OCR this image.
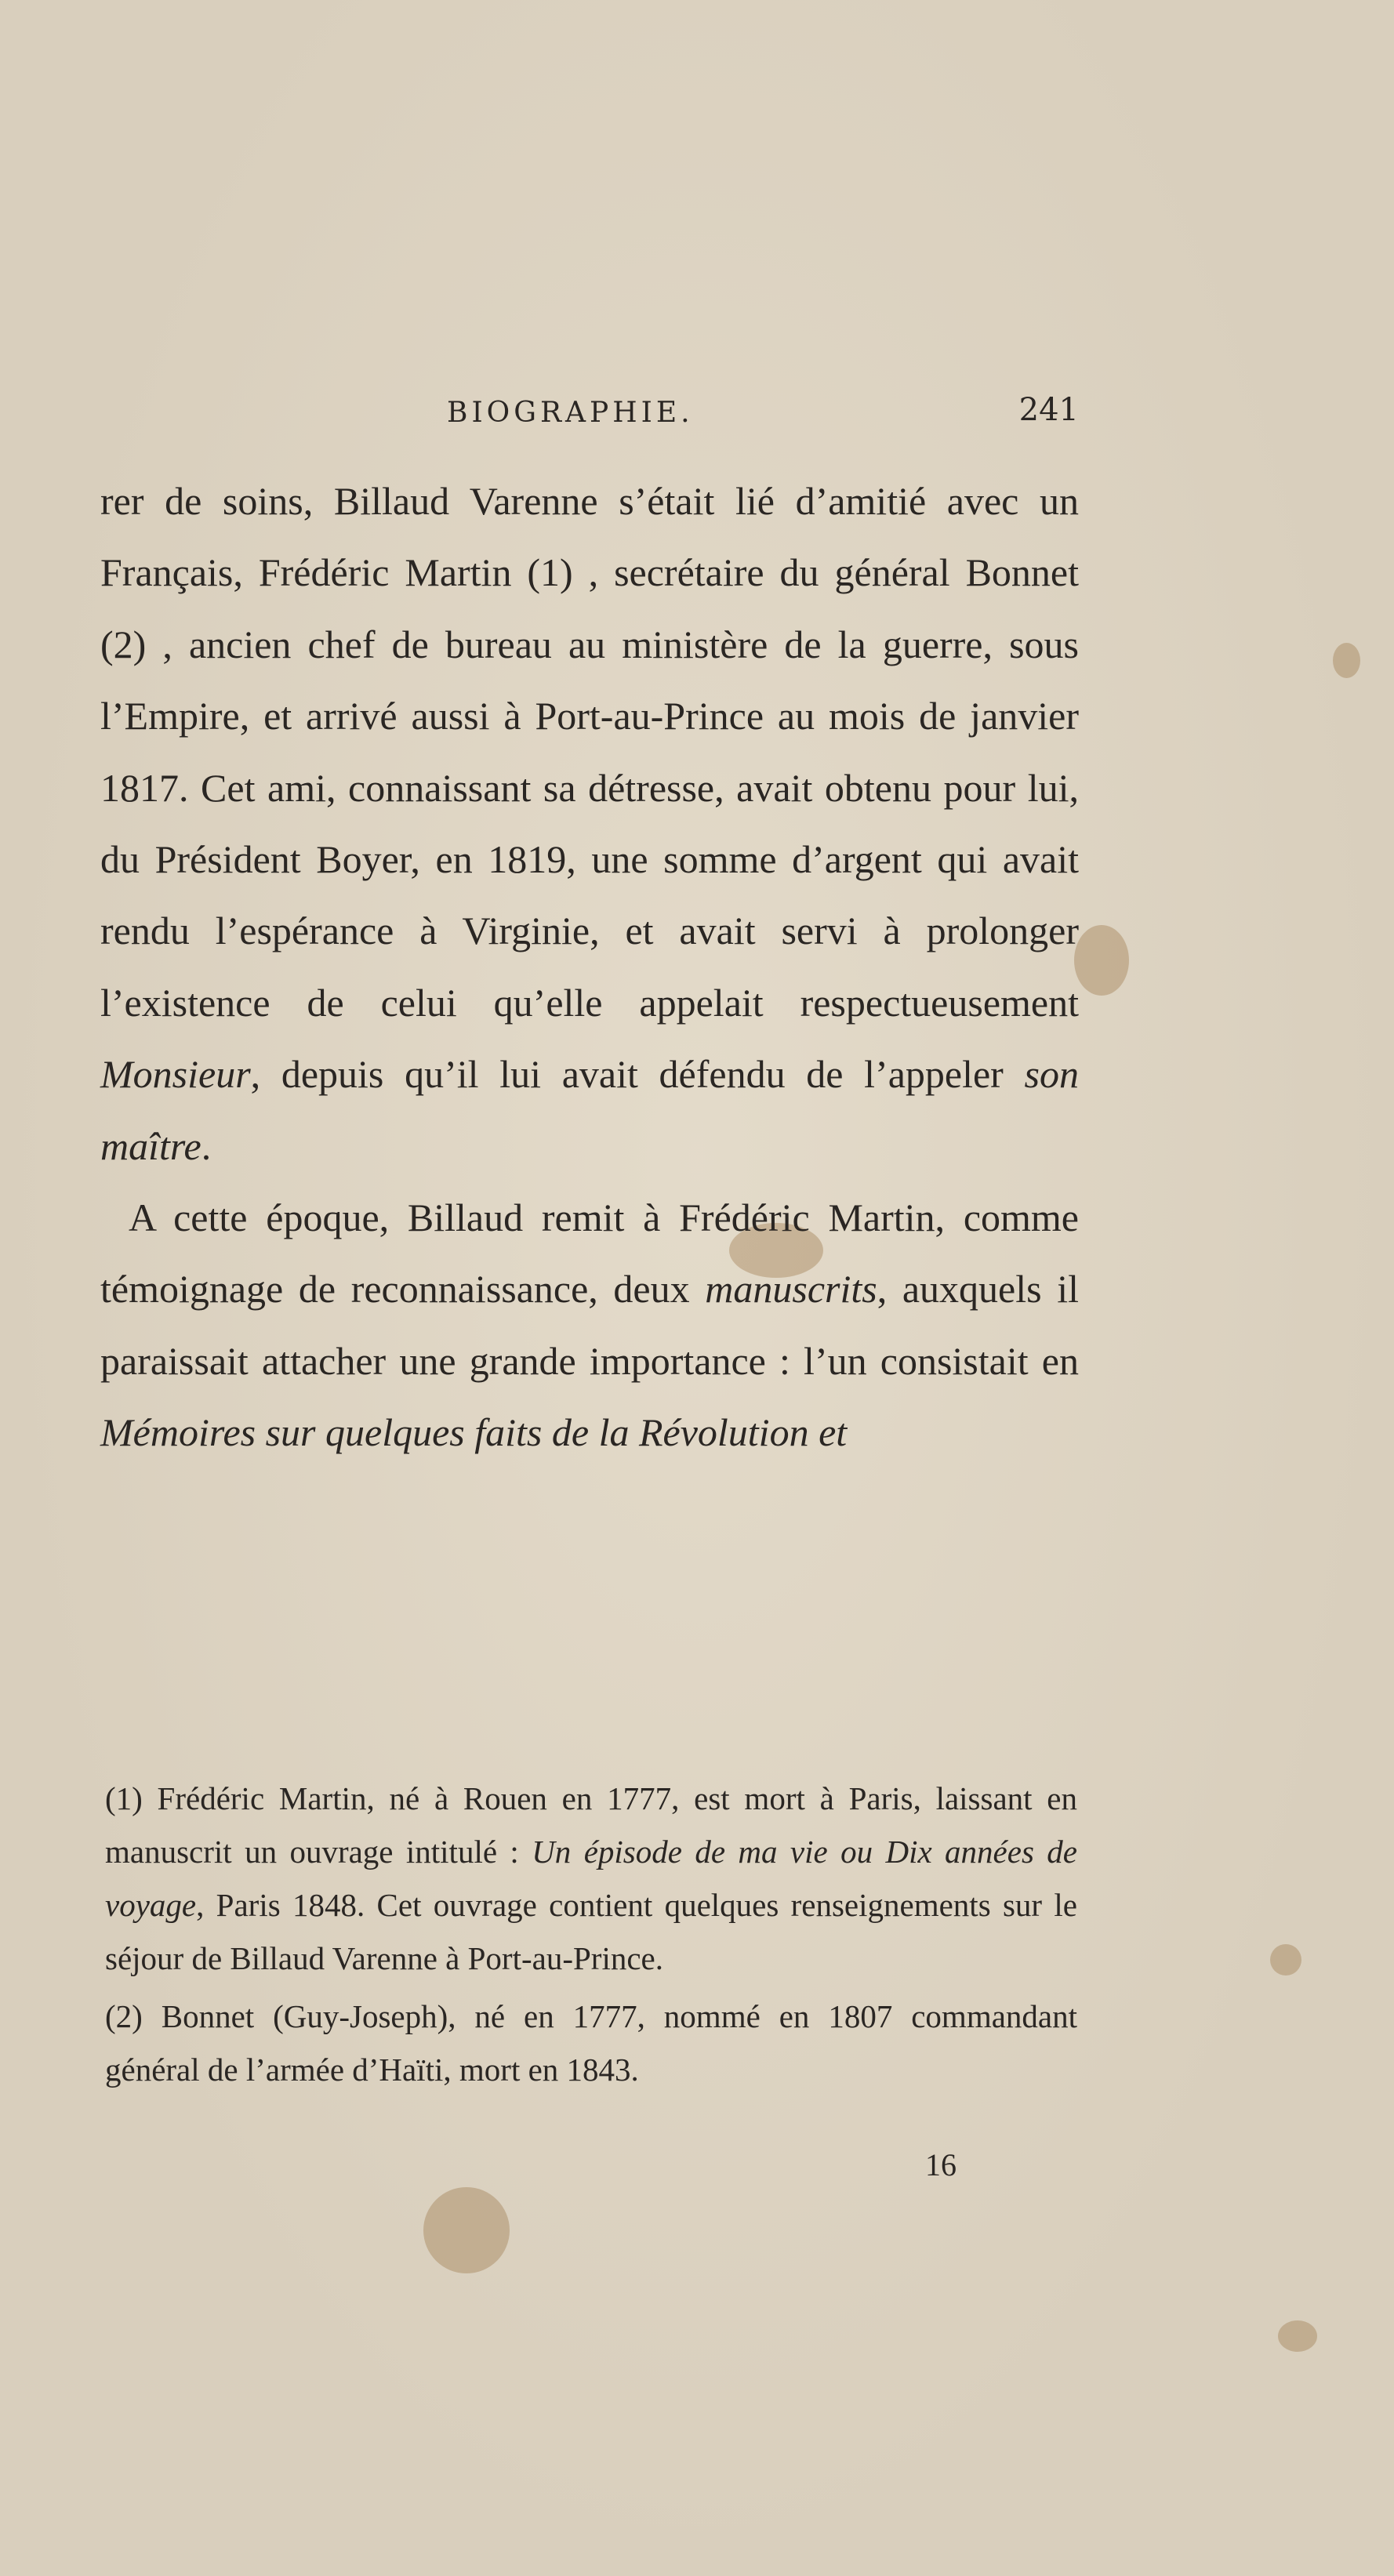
BIOGRAPHIE.	241

rer de soins, Billaud Varenne s’était lié d’amitié avec un Français, Frédéric Martin (1) , secrétaire du général Bonnet (2) , ancien chef de bureau au ministère de la guerre, sous l’Empire, et arrivé aussi à Port-au-Prince au mois de janvier 1817. Cet ami, connaissant sa détresse, avait obtenu pour lui, du Président Boyer, en 1819, une somme d’argent qui avait rendu l’espérance à Virginie, et avait servi à prolonger l’existence de celui qu’elle appelait respectueusement Monsieur, depuis qu’il lui avait défendu de l’appeler son maître.

A cette époque, Billaud remit à Frédéric Martin, comme témoignage de reconnaissance, deux manuscrits, auxquels il paraissait attacher une grande importance : l’un consistait en Mémoires sur quelques faits de la Révolution et

(1) Frédéric Martin, né à Rouen en 1777, est mort à Paris, laissant en manuscrit un ouvrage intitulé : Un épisode de ma vie ou Dix années de voyage, Paris 1848. Cet ouvrage contient quelques renseignements sur le séjour de Billaud Varenne à Port-au-Prince.

(2) Bonnet (Guy-Joseph), né en 1777, nommé en 1807 commandant général de l’armée d’Haïti, mort en 1843.

16
